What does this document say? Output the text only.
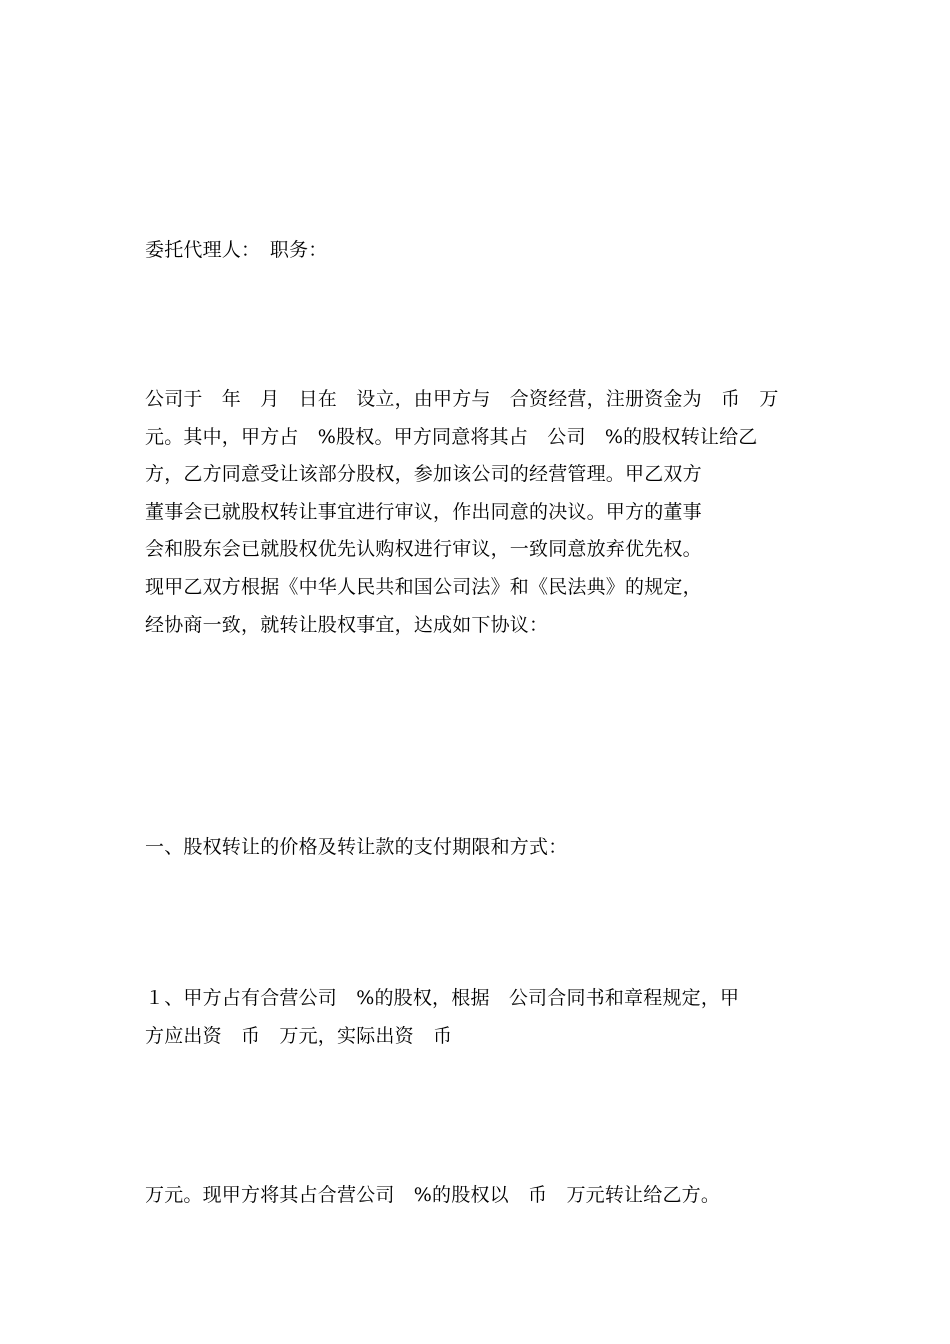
委托代理人：　职务：
公司于　年　月　日在　设立，由甲方与　合资经营，注册资金为　币　万
元。其中，甲方占　%股权。甲方同意将其占　公司　%的股权转让给乙
方，乙方同意受让该部分股权，参加该公司的经营管理。甲乙双方
董事会已就股权转让事宜进行审议，作出同意的决议。甲方的董事
会和股东会已就股权优先认购权进行审议，一致同意放弃优先权。
现甲乙双方根据《中华人民共和国公司法》和《民法典》的规定，
经协商一致，就转让股权事宜，达成如下协议：
一、股权转让的价格及转让款的支付期限和方式：
１、甲方占有合营公司　%的股权，根据　公司合同书和章程规定，甲
方应出资　币　万元，实际出资　币
万元。现甲方将其占合营公司　%的股权以　币　万元转让给乙方。
